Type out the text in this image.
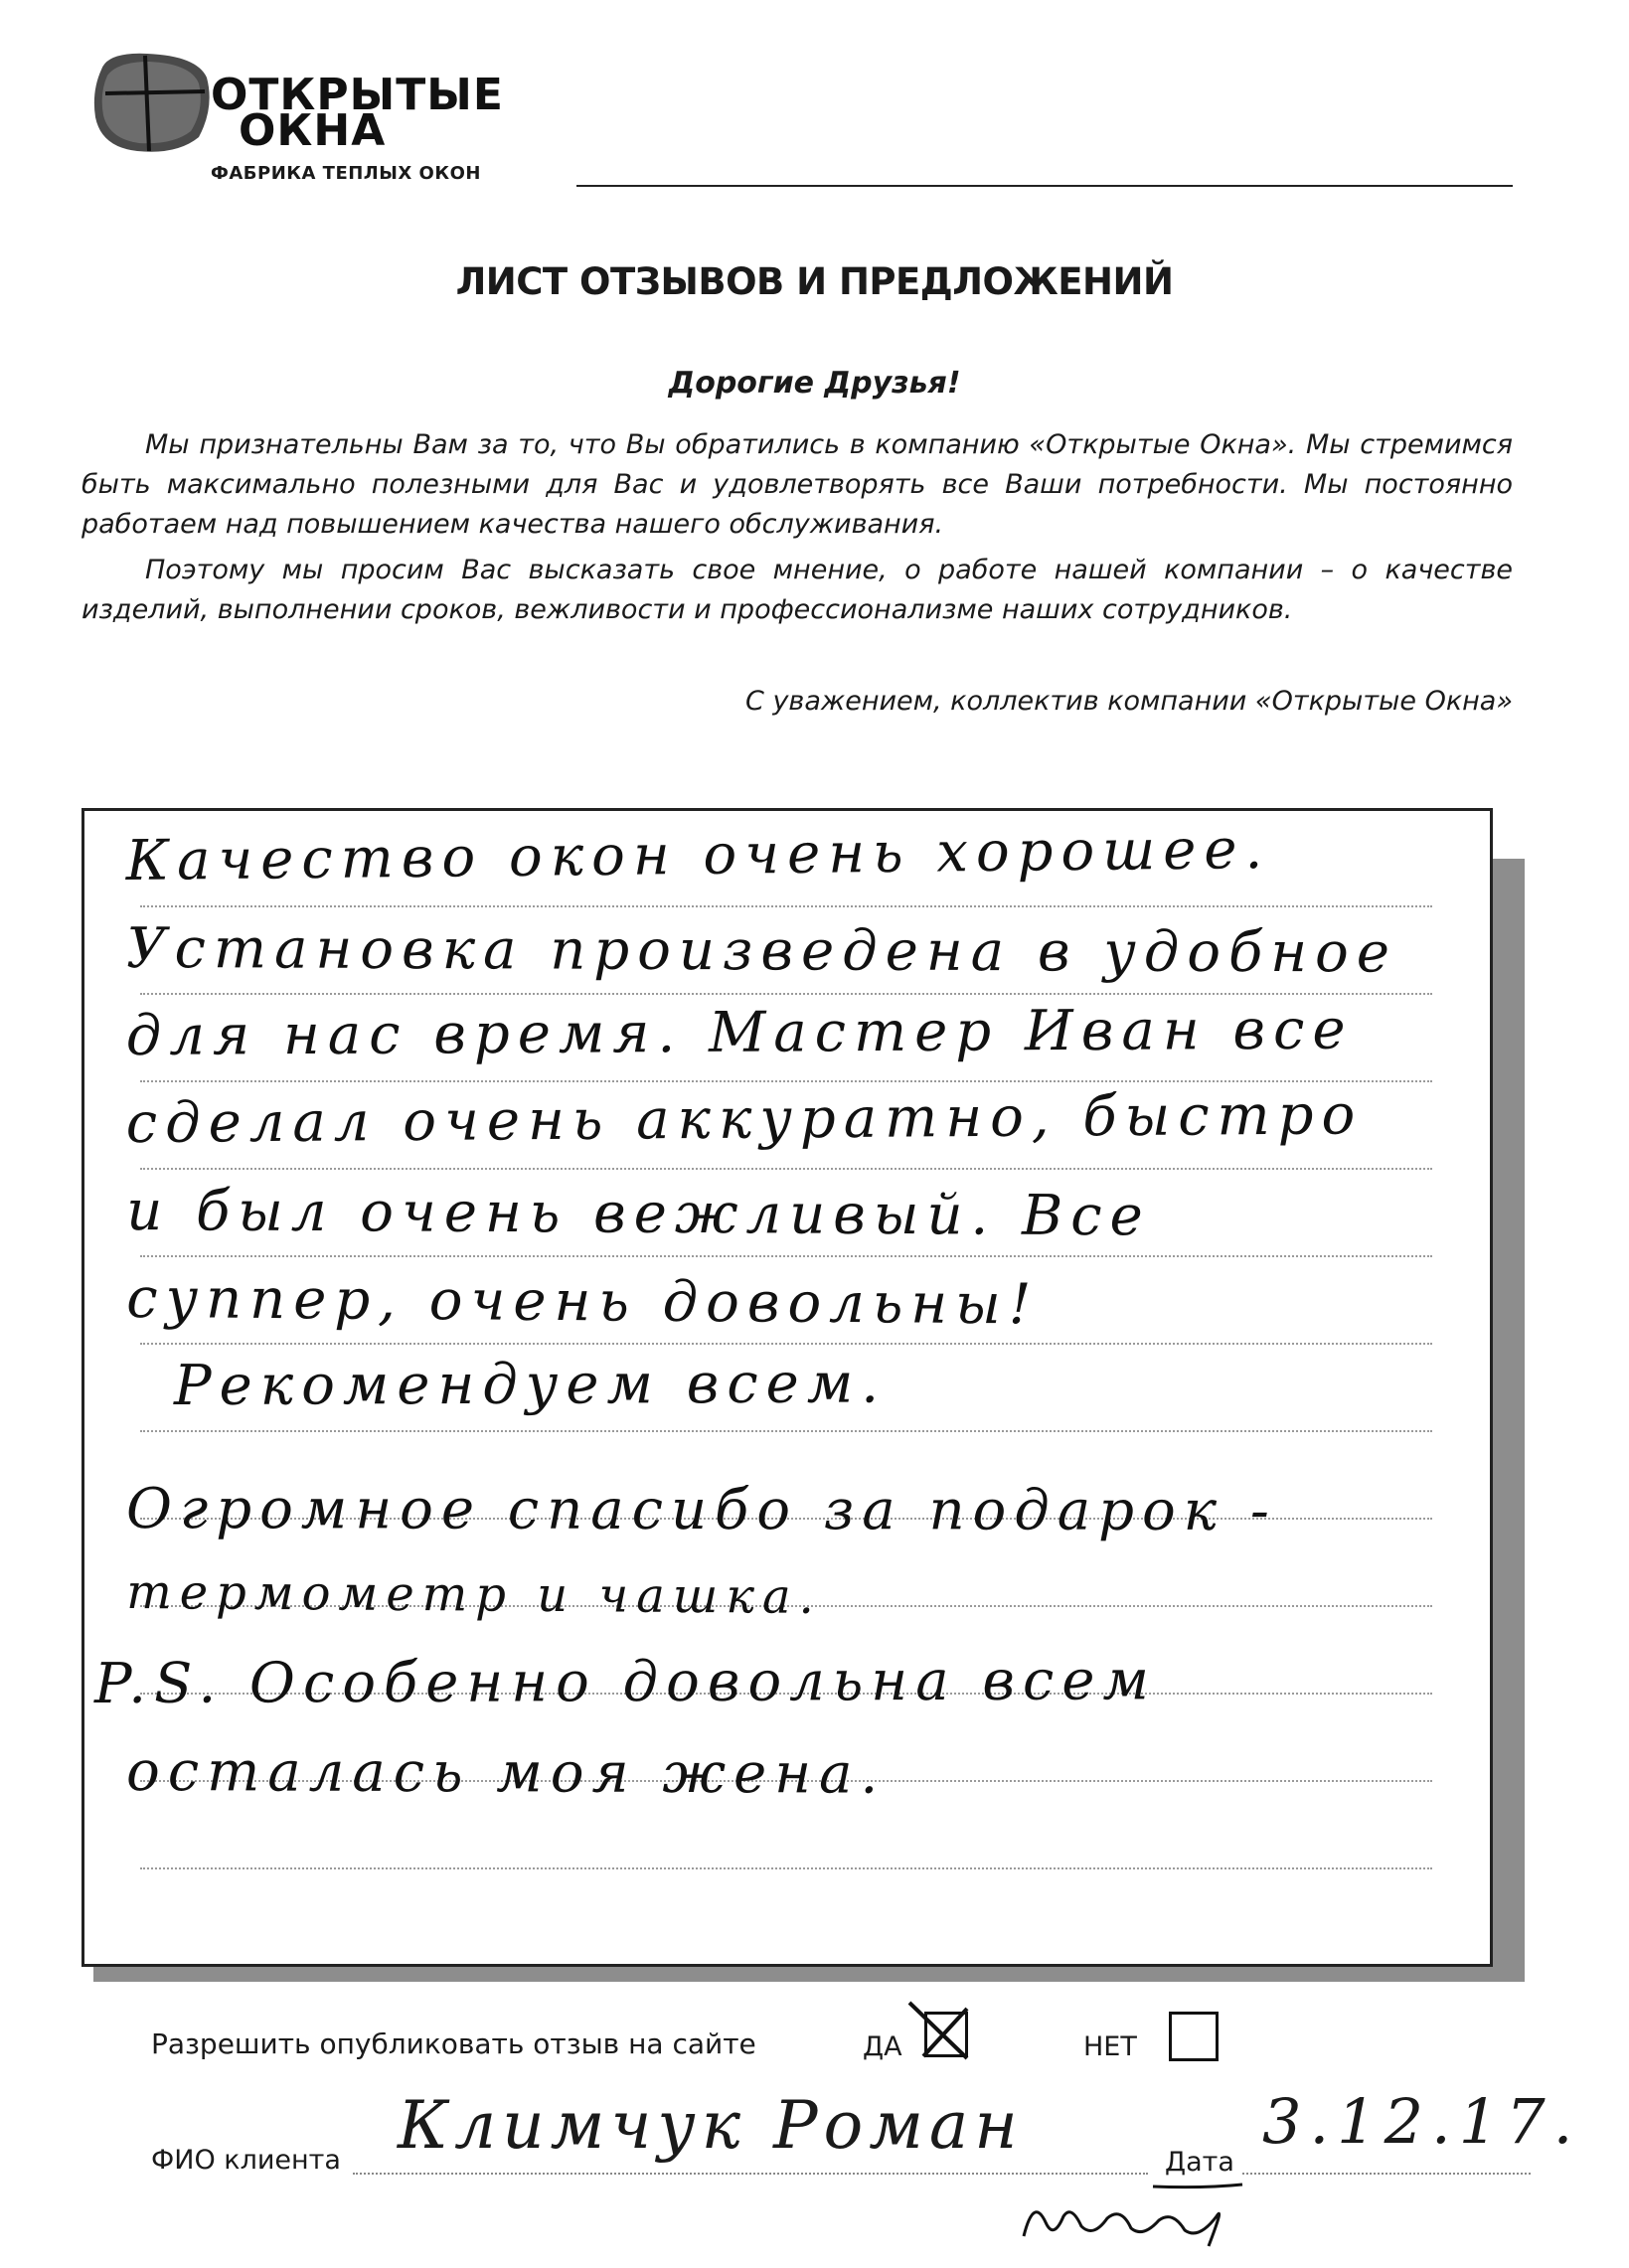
ОТКРЫТЫЕ
ОКНА
ФАБРИКА ТЕПЛЫХ ОКОН
ЛИСТ ОТЗЫВОВ И ПРЕДЛОЖЕНИЙ
Дорогие Друзья!
Мы признательны Вам за то, что Вы обратились в компанию «Открытые Окна». Мы стремимся быть максимально полезными для Вас и удовлетворять все Ваши потребности. Мы постоянно работаем над повышением качества нашего обслуживания.
Поэтому мы просим Вас высказать свое мнение, о работе нашей компании – о качестве изделий, выполнении сроков, вежливости и профессионализме наших сотрудников.
С уважением, коллектив компании «Открытые Окна»
Качество окон очень хорошее.
Установка произведена в удобное
для нас время. Мастер Иван все
сделал очень аккуратно, быстро
и был очень вежливый. Все
суппер, очень довольны!
Рекомендуем всем.
Огромное спасибо за подарок -
термометр и чашка.
P.S. Особенно довольна всем
осталась моя жена.
Разрешить опубликовать отзыв на сайте	ДА	НЕТ
ФИО клиента Климчук Роман	Дата
3.12.17.
